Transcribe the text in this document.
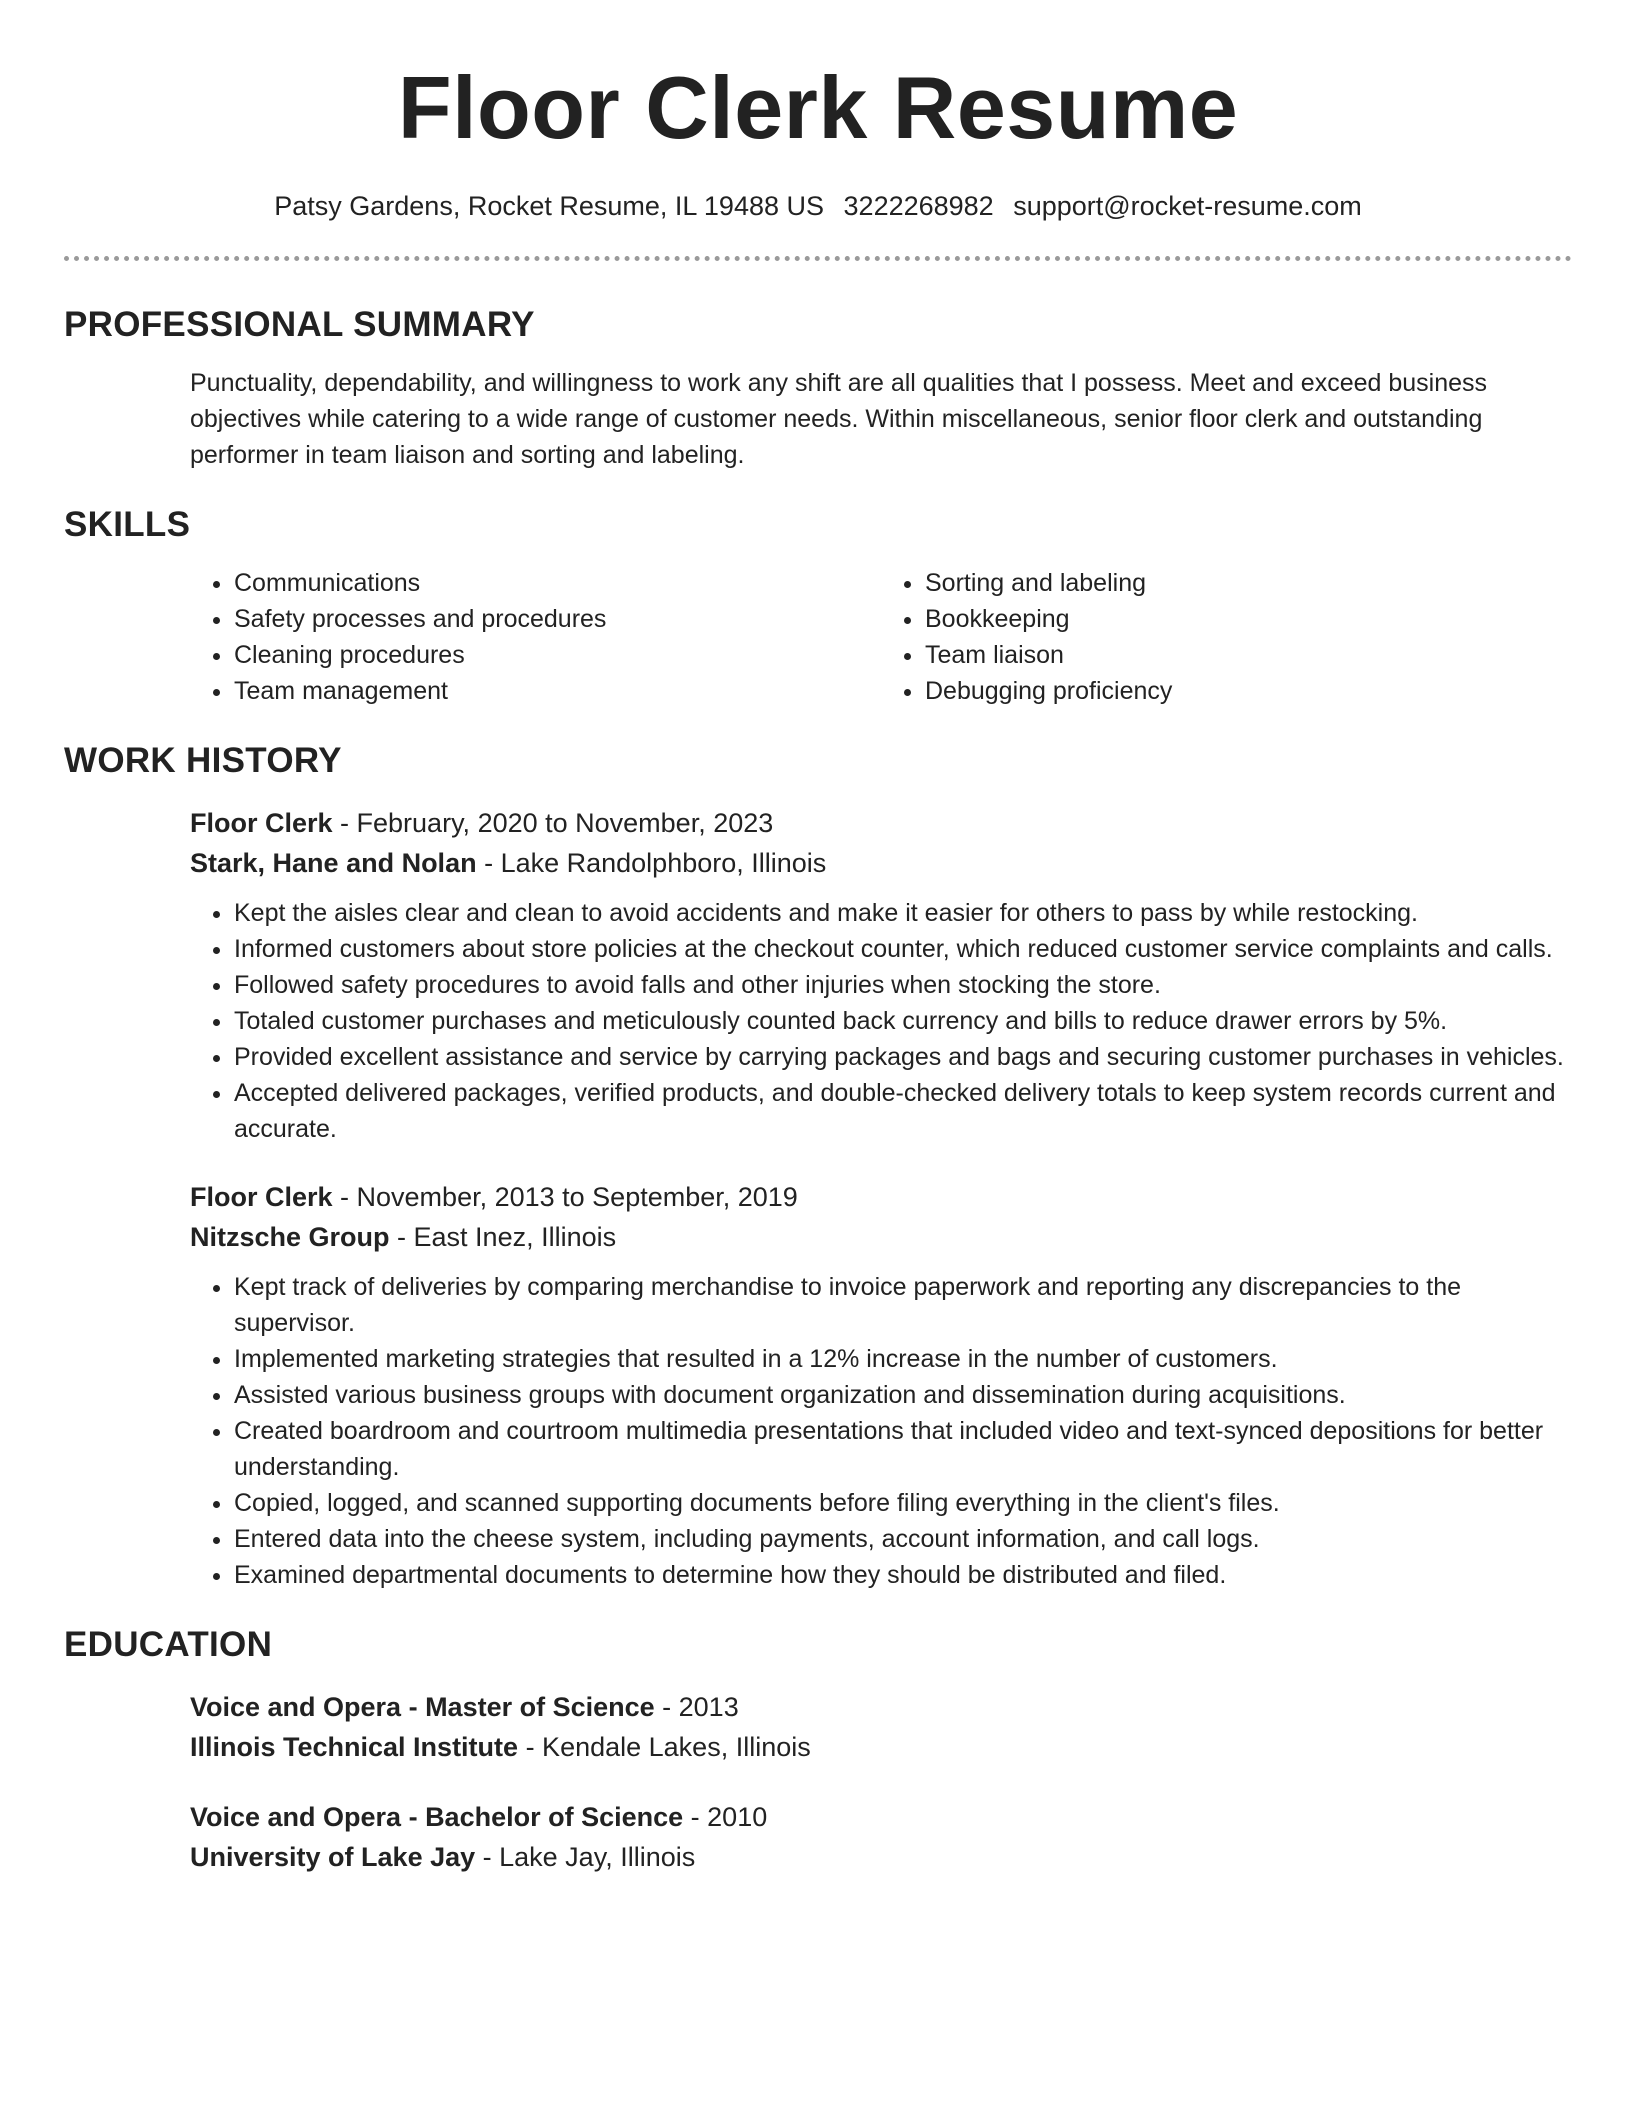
Floor Clerk Resume
Patsy Gardens, Rocket Resume, IL 19488 US 3222268982 support@rocket-resume.com
PROFESSIONAL SUMMARY

Punctuality, dependability, and willingness to work any shift are all qualities that I possess. Meet and exceed business objectives while catering to a wide range of customer needs. Within miscellaneous, senior floor clerk and outstanding performer in team liaison and sorting and labeling.

SKILLS
• Communications
• Safety processes and procedures
• Cleaning procedures
• Team management
• Sorting and labeling
• Bookkeeping
• Team liaison
• Debugging proficiency
WORK HISTORY
Floor Clerk - February, 2020 to November, 2023
Stark, Hane and Nolan - Lake Randolphboro, Illinois
• Kept the aisles clear and clean to avoid accidents and make it easier for others to pass by while restocking.
• Informed customers about store policies at the checkout counter, which reduced customer service complaints and calls.
• Followed safety procedures to avoid falls and other injuries when stocking the store.
• Totaled customer purchases and meticulously counted back currency and bills to reduce drawer errors by 5%.
• Provided excellent assistance and service by carrying packages and bags and securing customer purchases in vehicles.
• Accepted delivered packages, verified products, and double-checked delivery totals to keep system records current and accurate.
Floor Clerk - November, 2013 to September, 2019
Nitzsche Group - East Inez, Illinois
• Kept track of deliveries by comparing merchandise to invoice paperwork and reporting any discrepancies to the supervisor.
• Implemented marketing strategies that resulted in a 12% increase in the number of customers.
• Assisted various business groups with document organization and dissemination during acquisitions.
• Created boardroom and courtroom multimedia presentations that included video and text-synced depositions for better understanding.
• Copied, logged, and scanned supporting documents before filing everything in the client's files.
• Entered data into the cheese system, including payments, account information, and call logs.
• Examined departmental documents to determine how they should be distributed and filed.
EDUCATION
Voice and Opera - Master of Science - 2013
Illinois Technical Institute - Kendale Lakes, Illinois
Voice and Opera - Bachelor of Science - 2010
University of Lake Jay - Lake Jay, Illinois
